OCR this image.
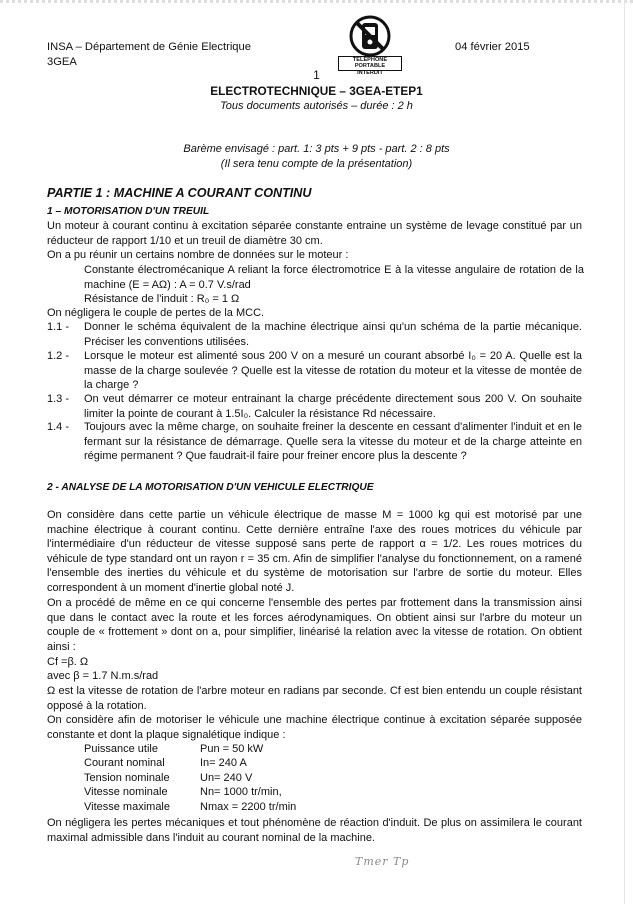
INSA – Département de Génie Electrique
3GEA
04 février 2015
TELEPHONE PORTABLE
INTERDIT
1
ELECTROTECHNIQUE – 3GEA-ETEP1
Tous documents autorisés – durée : 2 h
Barème envisagé : part. 1: 3 pts + 9 pts - part. 2 : 8 pts
(Il sera tenu compte de la présentation)
PARTIE 1 : MACHINE A COURANT CONTINU
1 – MOTORISATION D'UN TREUIL
Un moteur à courant continu à excitation séparée constante entraine un système de levage constitué par un réducteur de rapport 1/10 et un treuil de diamètre 30 cm.
On a pu réunir un certains nombre de données sur le moteur :
Constante électromécanique A reliant la force électromotrice E à la vitesse angulaire de rotation de la machine (E = AΩ) : A = 0.7 V.s/rad
Résistance de l'induit : R₀ = 1 Ω
On négligera le couple de pertes de la MCC.
1.1 - Donner le schéma équivalent de la machine électrique ainsi qu'un schéma de la partie mécanique. Préciser les conventions utilisées.
1.2 - Lorsque le moteur est alimenté sous 200 V on a mesuré un courant absorbé I₀ = 20 A. Quelle est la masse de la charge soulevée ? Quelle est la vitesse de rotation du moteur et la vitesse de montée de la charge ?
1.3 - On veut démarrer ce moteur entrainant la charge précédente directement sous 200 V. On souhaite limiter la pointe de courant à 1.5I₀. Calculer la résistance Rd nécessaire.
1.4 - Toujours avec la même charge, on souhaite freiner la descente en cessant d'alimenter l'induit et en le fermant sur la résistance de démarrage. Quelle sera la vitesse du moteur et de la charge atteinte en régime permanent ? Que faudrait-il faire pour freiner encore plus la descente ?
2 - ANALYSE DE LA MOTORISATION D'UN VEHICULE ELECTRIQUE
On considère dans cette partie un véhicule électrique de masse M = 1000 kg qui est motorisé par une machine électrique à courant continu. Cette dernière entraîne l'axe des roues motrices du véhicule par l'intermédiaire d'un réducteur de vitesse supposé sans perte de rapport α = 1/2. Les roues motrices du véhicule de type standard ont un rayon r = 35 cm. Afin de simplifier l'analyse du fonctionnement, on a ramené l'ensemble des inerties du véhicule et du système de motorisation sur l'arbre de sortie du moteur. Elles correspondent à un moment d'inertie global noté J.
On a procédé de même en ce qui concerne l'ensemble des pertes par frottement dans la transmission ainsi que dans le contact avec la route et les forces aérodynamiques. On obtient ainsi sur l'arbre du moteur un couple de « frottement » dont on a, pour simplifier, linéarisé la relation avec la vitesse de rotation. On obtient ainsi :
Cf =β. Ω
avec β = 1.7 N.m.s/rad
Ω est la vitesse de rotation de l'arbre moteur en radians par seconde. Cf est bien entendu un couple résistant opposé à la rotation.
On considère afin de motoriser le véhicule une machine électrique continue à excitation séparée supposée constante et dont la plaque signalétique indique :
Puissance utile	Pun = 50 kW
Courant nominal	In= 240 A
Tension nominale	Un= 240 V
Vitesse nominale	Nn= 1000 tr/min,
Vitesse maximale	Nmax = 2200 tr/min
On négligera les pertes mécaniques et tout phénomène de réaction d'induit. De plus on assimilera le courant maximal admissible dans l'induit au courant nominal de la machine.
Tmer Tp
